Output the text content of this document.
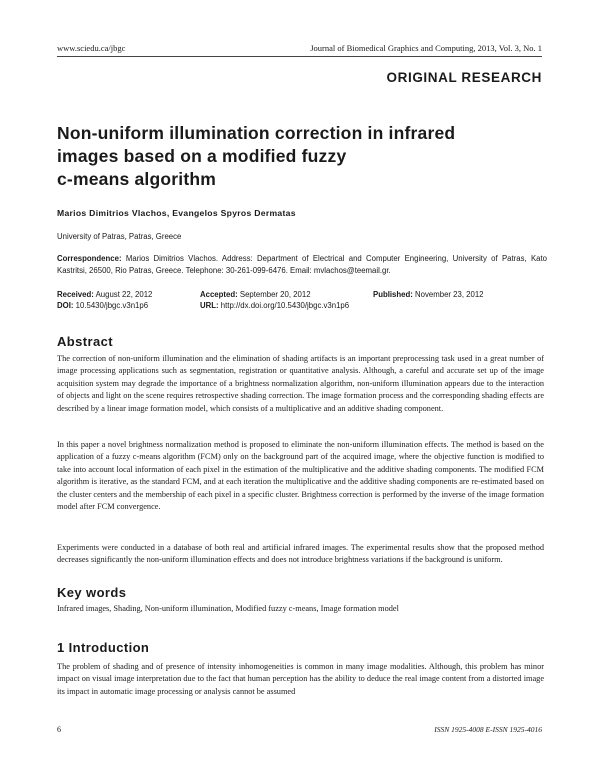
www.sciedu.ca/jbgc	Journal of Biomedical Graphics and Computing, 2013, Vol. 3, No. 1
ORIGINAL RESEARCH
Non-uniform illumination correction in infrared
images based on a modified fuzzy
c-means algorithm
Marios Dimitrios Vlachos, Evangelos Spyros Dermatas
University of Patras, Patras, Greece
Correspondence: Marios Dimitrios Vlachos. Address: Department of Electrical and Computer Engineering, University of Patras, Kato Kastritsi, 26500, Rio Patras, Greece. Telephone: 30-261-099-6476. Email: mvlachos@teemail.gr.
Received: August 22, 2012	Accepted: September 20, 2012	Published: November 23, 2012
DOI: 10.5430/jbgc.v3n1p6	URL: http://dx.doi.org/10.5430/jbgc.v3n1p6
Abstract
The correction of non-uniform illumination and the elimination of shading artifacts is an important preprocessing task used in a great number of image processing applications such as segmentation, registration or quantitative analysis. Although, a careful and accurate set up of the image acquisition system may degrade the importance of a brightness normalization algorithm, non-uniform illumination appears due to the interaction of objects and light on the scene requires retrospective shading correction. The image formation process and the corresponding shading effects are described by a linear image formation model, which consists of a multiplicative and an additive shading component.
In this paper a novel brightness normalization method is proposed to eliminate the non-uniform illumination effects. The method is based on the application of a fuzzy c-means algorithm (FCM) only on the background part of the acquired image, where the objective function is modified to take into account local information of each pixel in the estimation of the multiplicative and the additive shading components. The modified FCM algorithm is iterative, as the standard FCM, and at each iteration the multiplicative and the additive shading components are re-estimated based on the cluster centers and the membership of each pixel in a specific cluster. Brightness correction is performed by the inverse of the image formation model after FCM convergence.
Experiments were conducted in a database of both real and artificial infrared images. The experimental results show that the proposed method decreases significantly the non-uniform illumination effects and does not introduce brightness variations if the background is uniform.
Key words
Infrared images, Shading, Non-uniform illumination, Modified fuzzy c-means, Image formation model
1 Introduction
The problem of shading and of presence of intensity inhomogeneities is common in many image modalities. Although, this problem has minor impact on visual image interpretation due to the fact that human perception has the ability to deduce the real image content from a distorted image its impact in automatic image processing or analysis cannot be assumed
6	ISSN 1925-4008 E-ISSN 1925-4016
